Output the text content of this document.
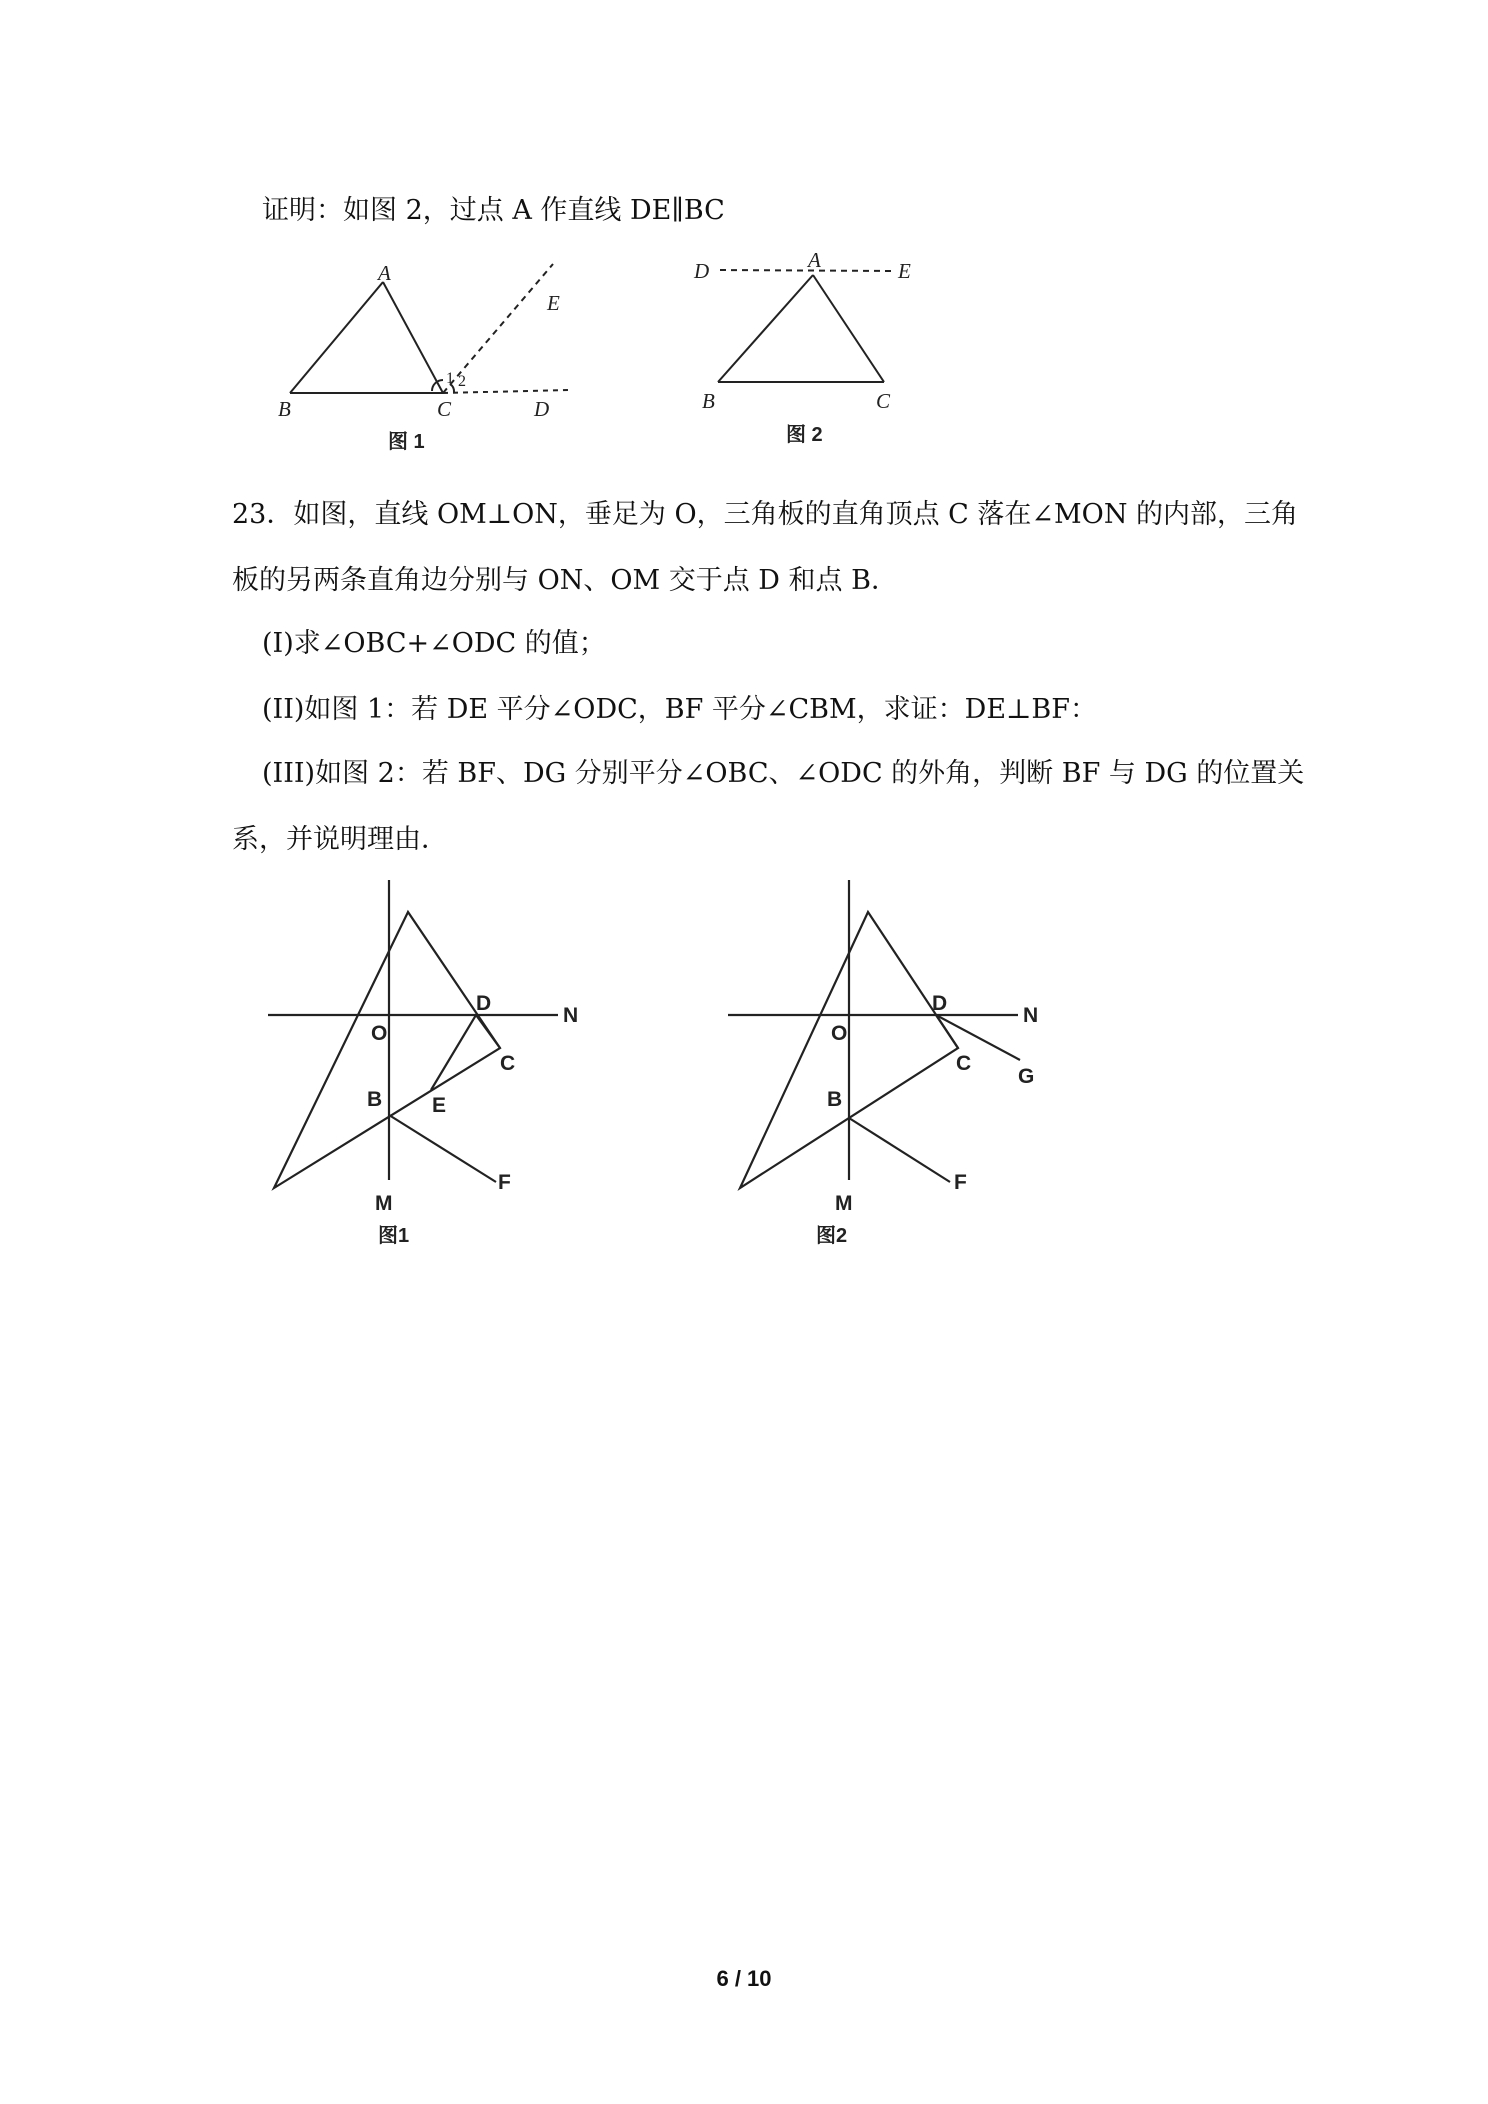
证明：如图 2，过点 A 作直线 DE∥BC
A
B	C	D
E
1 2
图 1
A
D	E
B	C
图 2
23．如图，直线 OM⊥ON，垂足为 O，三角板的直角顶点 C 落在∠MON 的内部，三角
板的另两条直角边分别与 ON、OM 交于点 D 和点 B．
(I)求∠OBC+∠ODC 的值；
(II)如图 1：若 DE 平分∠ODC，BF 平分∠CBM，求证：DE⊥BF：
(III)如图 2：若 BF、DG 分别平分∠OBC、∠ODC 的外角，判断 BF 与 DG 的位置关
系，并说明理由．
O
D
N
C
E
B
M
F
图1
O
D
N
C
G
B
M
F
图2
6 / 10
